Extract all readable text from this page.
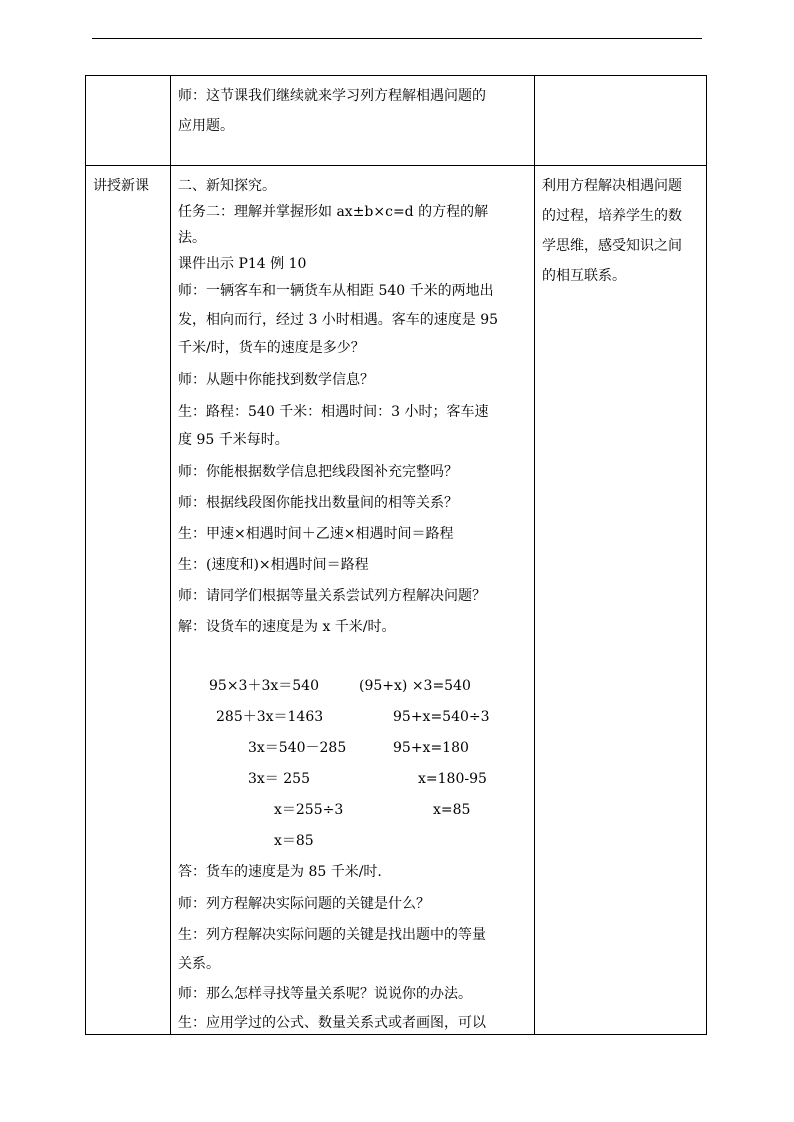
师：这节课我们继续就来学习列方程解相遇问题的
应用题。
讲授新课 二、新知探究。
任务二：理解并掌握形如 ax±b×c=d 的方程的解
法。
课件出示 P14 例 10
师：一辆客车和一辆货车从相距 540 千米的两地出
发，相向而行，经过 3 小时相遇。客车的速度是 95
千米/时，货车的速度是多少？
师：从题中你能找到数学信息？
生：路程：540 千米：相遇时间：3 小时；客车速
度 95 千米每时。
师：你能根据数学信息把线段图补充完整吗？
师：根据线段图你能找出数量间的相等关系？
生：甲速×相遇时间＋乙速×相遇时间＝路程
生：(速度和)×相遇时间＝路程
师：请同学们根据等量关系尝试列方程解决问题？
解：设货车的速度是为 x 千米/时。
95×3＋3x＝540
285＋3x＝1463
3x＝540－285
3x＝ 255
x＝255÷3
x＝85
(95+x) ×3=540
95+x=540÷3
95+x=180
x=180-95
x=85
答：货车的速度是为 85 千米/时.
师：列方程解决实际问题的关键是什么？
生：列方程解决实际问题的关键是找出题中的等量
关系。
师：那么怎样寻找等量关系呢？说说你的办法。
生：应用学过的公式、数量关系式或者画图，可以
利用方程解决相遇问题
的过程，培养学生的数
学思维，感受知识之间
的相互联系。
